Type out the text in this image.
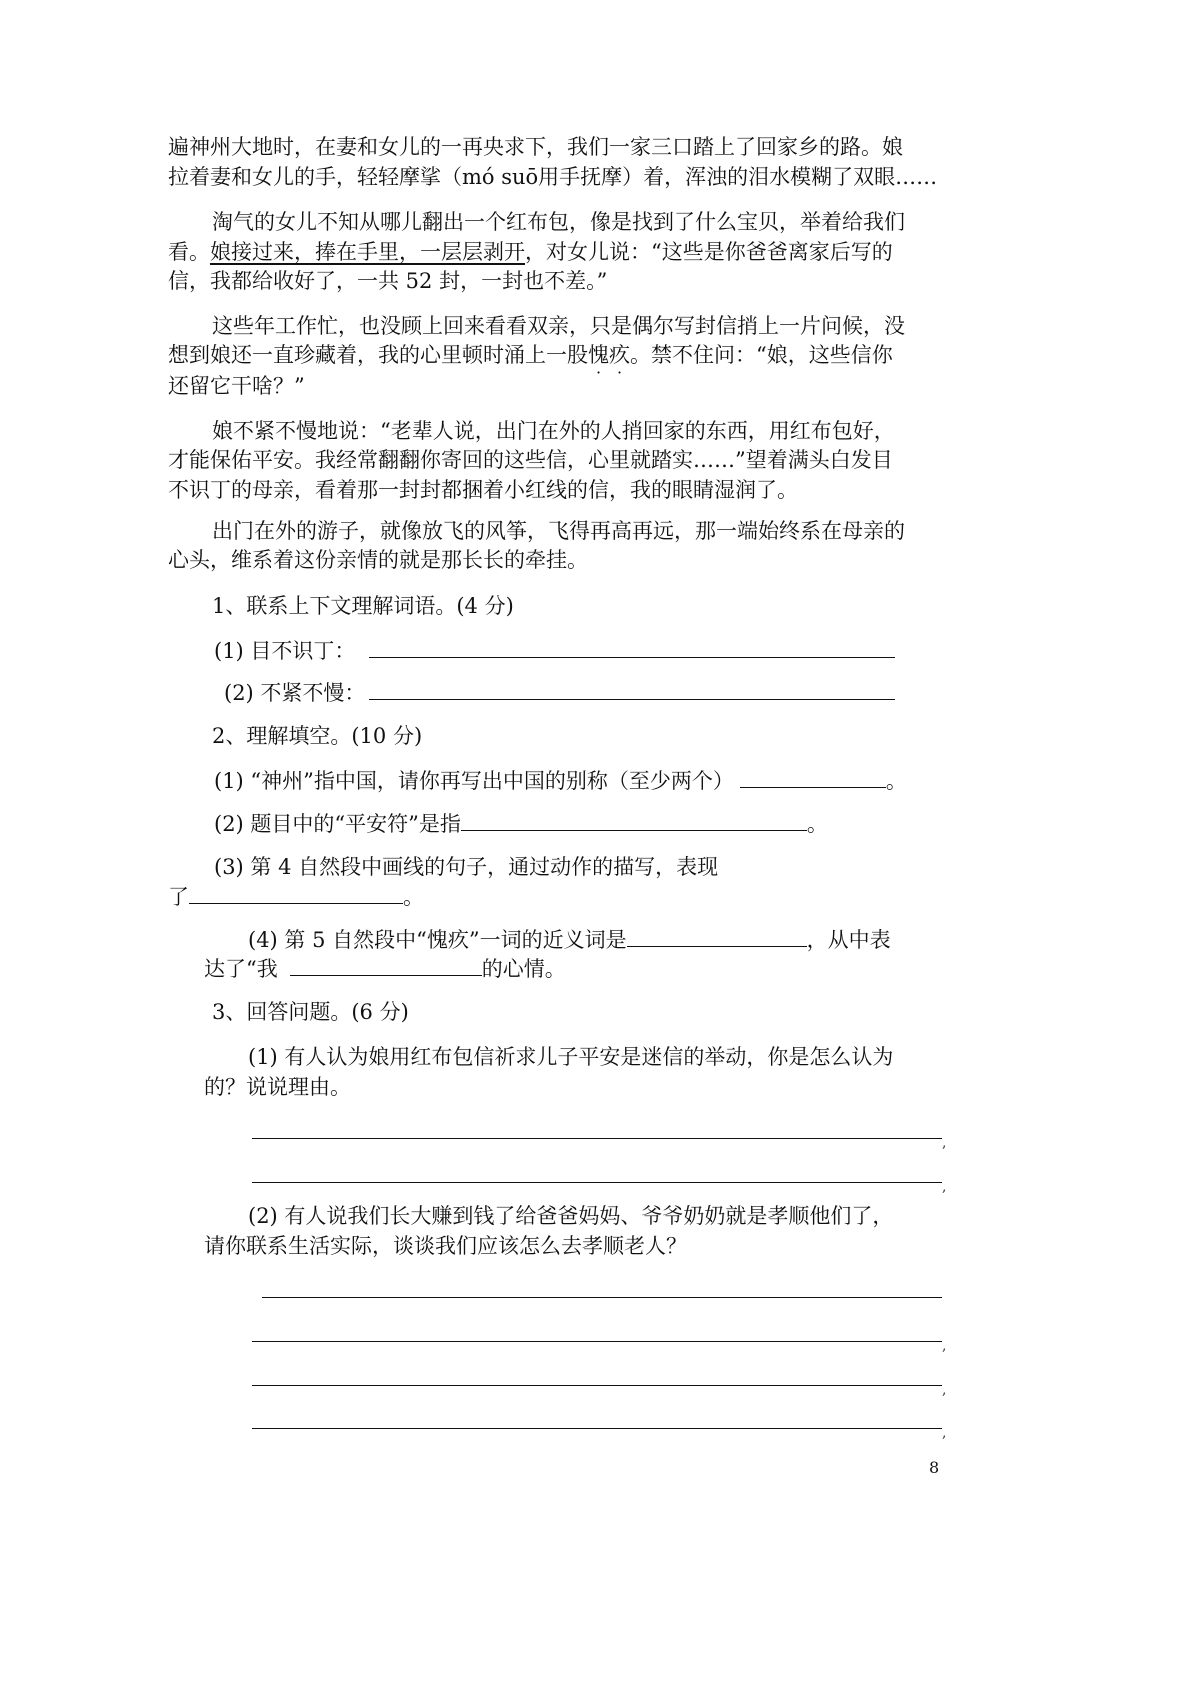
遍神州大地时，在妻和女儿的一再央求下，我们一家三口踏上了回家乡的路。娘
拉着妻和女儿的手，轻轻摩挲（mó suō用手抚摩）着，浑浊的泪水模糊了双眼……
淘气的女儿不知从哪儿翻出一个红布包，像是找到了什么宝贝，举着给我们
看。娘接过来，捧在手里，一层层剥开，对女儿说：“这些是你爸爸离家后写的
信，我都给收好了，一共 52 封，一封也不差。”
这些年工作忙，也没顾上回来看看双亲，只是偶尔写封信捎上一片问候，没
想到娘还一直珍藏着，我的心里顿时涌上一股愧疚。禁不住问：“娘，这些信你
还留它干啥？”
娘不紧不慢地说：“老辈人说，出门在外的人捎回家的东西，用红布包好，
才能保佑平安。我经常翻翻你寄回的这些信，心里就踏实……”望着满头白发目
不识丁的母亲，看着那一封封都捆着小红线的信，我的眼睛湿润了。
出门在外的游子，就像放飞的风筝，飞得再高再远，那一端始终系在母亲的
心头，维系着这份亲情的就是那长长的牵挂。
1、联系上下文理解词语。(4 分)
(1) 目不识丁：
(2) 不紧不慢：
2、理解填空。(10 分)
(1) “神州”指中国，请你再写出中国的别称（至少两个）	。
(2) 题目中的“平安符”是指	。
(3) 第 4 自然段中画线的句子，通过动作的描写，表现
了	。
(4) 第 5 自然段中“愧疚”一词的近义词是	，从中表
达了“我	的心情。
3、回答问题。(6 分)
(1) 有人认为娘用红布包信祈求儿子平安是迷信的举动，你是怎么认为
的？说说理由。
,
,
(2) 有人说我们长大赚到钱了给爸爸妈妈、爷爷奶奶就是孝顺他们了，
请你联系生活实际，谈谈我们应该怎么去孝顺老人？
,
,
,
8
